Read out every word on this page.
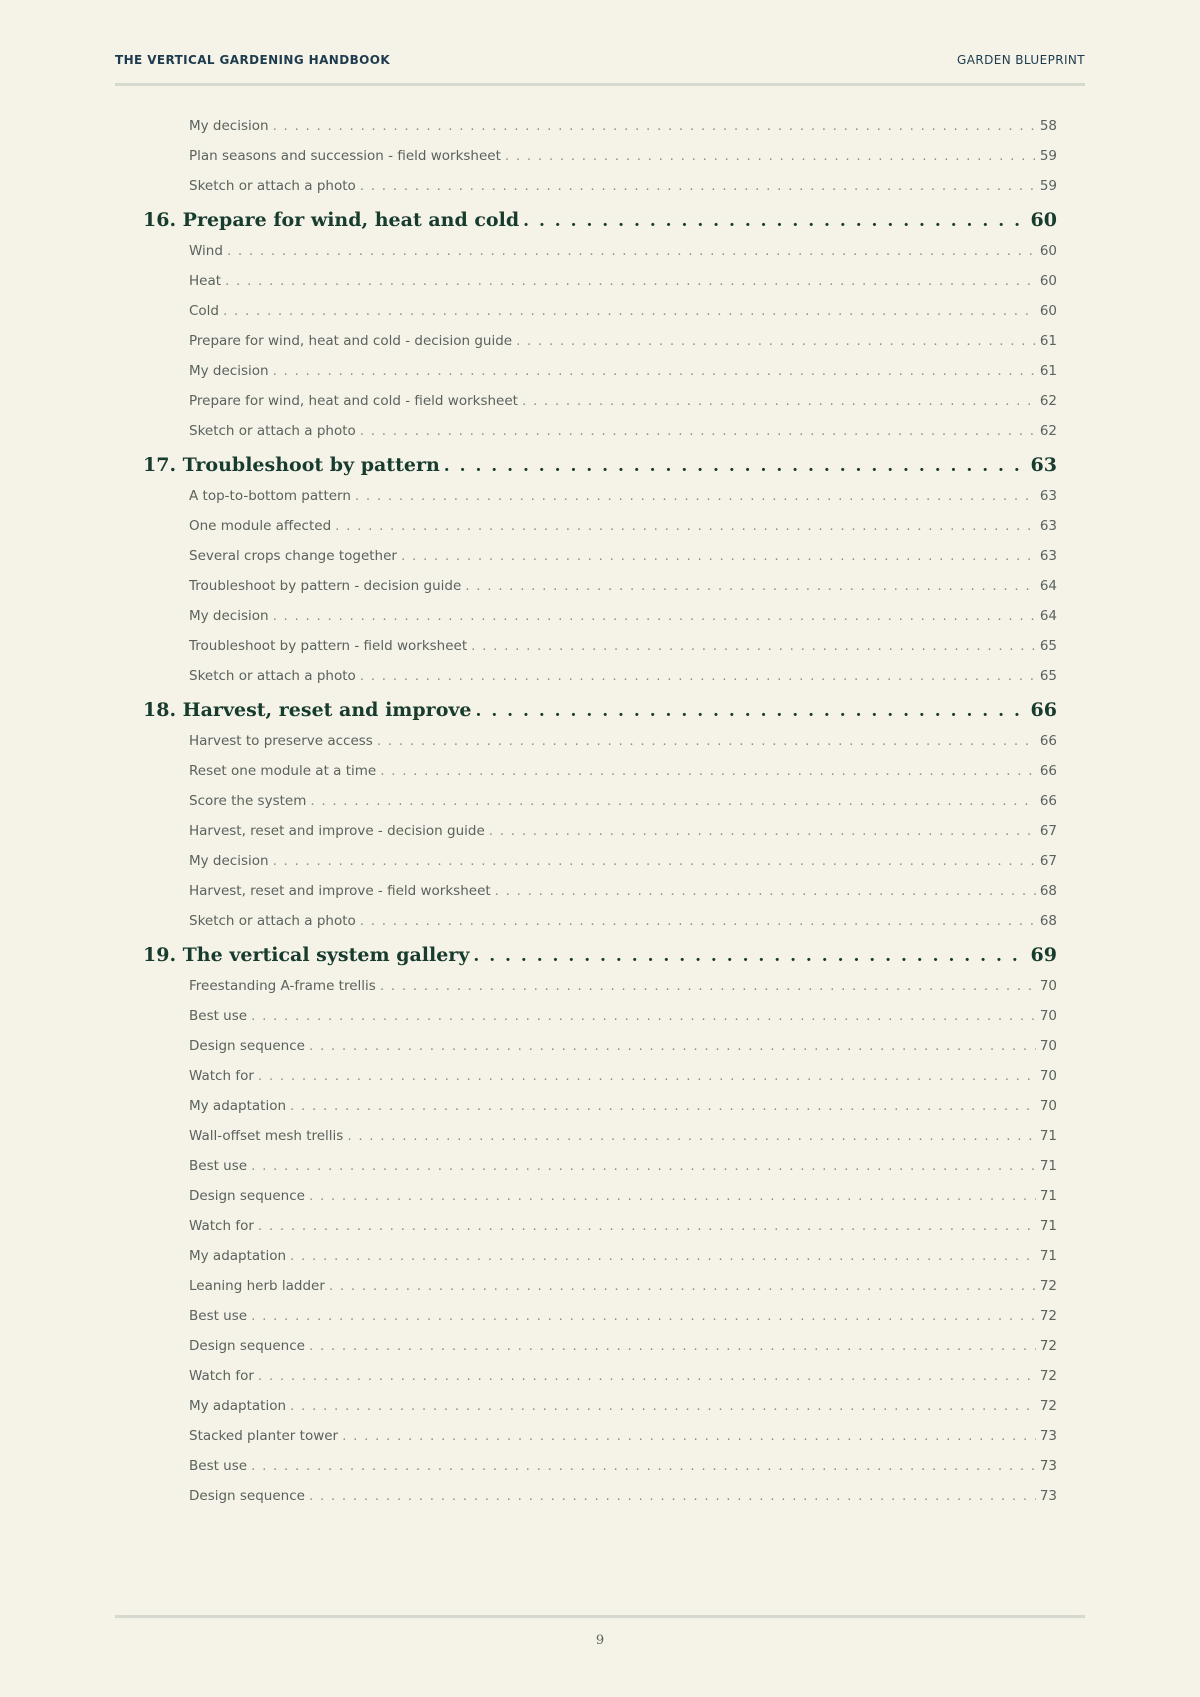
THE VERTICAL GARDENING HANDBOOK	GARDEN BLUEPRINT
My decision . . .	58
Plan seasons and succession - field worksheet . . .	59
Sketch or attach a photo . . .	59
16. Prepare for wind, heat and cold . . .	60
Wind . . .	60
Heat . . .	60
Cold . . .	60
Prepare for wind, heat and cold - decision guide . . .	61
My decision . . .	61
Prepare for wind, heat and cold - field worksheet . . .	62
Sketch or attach a photo . . .	62
17. Troubleshoot by pattern . . .	63
A top-to-bottom pattern . . .	63
One module affected . . .	63
Several crops change together . . .	63
Troubleshoot by pattern - decision guide . . .	64
My decision . . .	64
Troubleshoot by pattern - field worksheet . . .	65
Sketch or attach a photo . . .	65
18. Harvest, reset and improve . . .	66
Harvest to preserve access . . .	66
Reset one module at a time . . .	66
Score the system . . .	66
Harvest, reset and improve - decision guide . . .	67
My decision . . .	67
Harvest, reset and improve - field worksheet . . .	68
Sketch or attach a photo . . .	68
19. The vertical system gallery . . .	69
Freestanding A-frame trellis . . .	70
Best use . . .	70
Design sequence . . .	70
Watch for . . .	70
My adaptation . . .	70
Wall-offset mesh trellis . . .	71
Best use . . .	71
Design sequence . . .	71
Watch for . . .	71
My adaptation . . .	71
Leaning herb ladder . . .	72
Best use . . .	72
Design sequence . . .	72
Watch for . . .	72
My adaptation . . .	72
Stacked planter tower . . .	73
Best use . . .	73
Design sequence . . .	73
9
